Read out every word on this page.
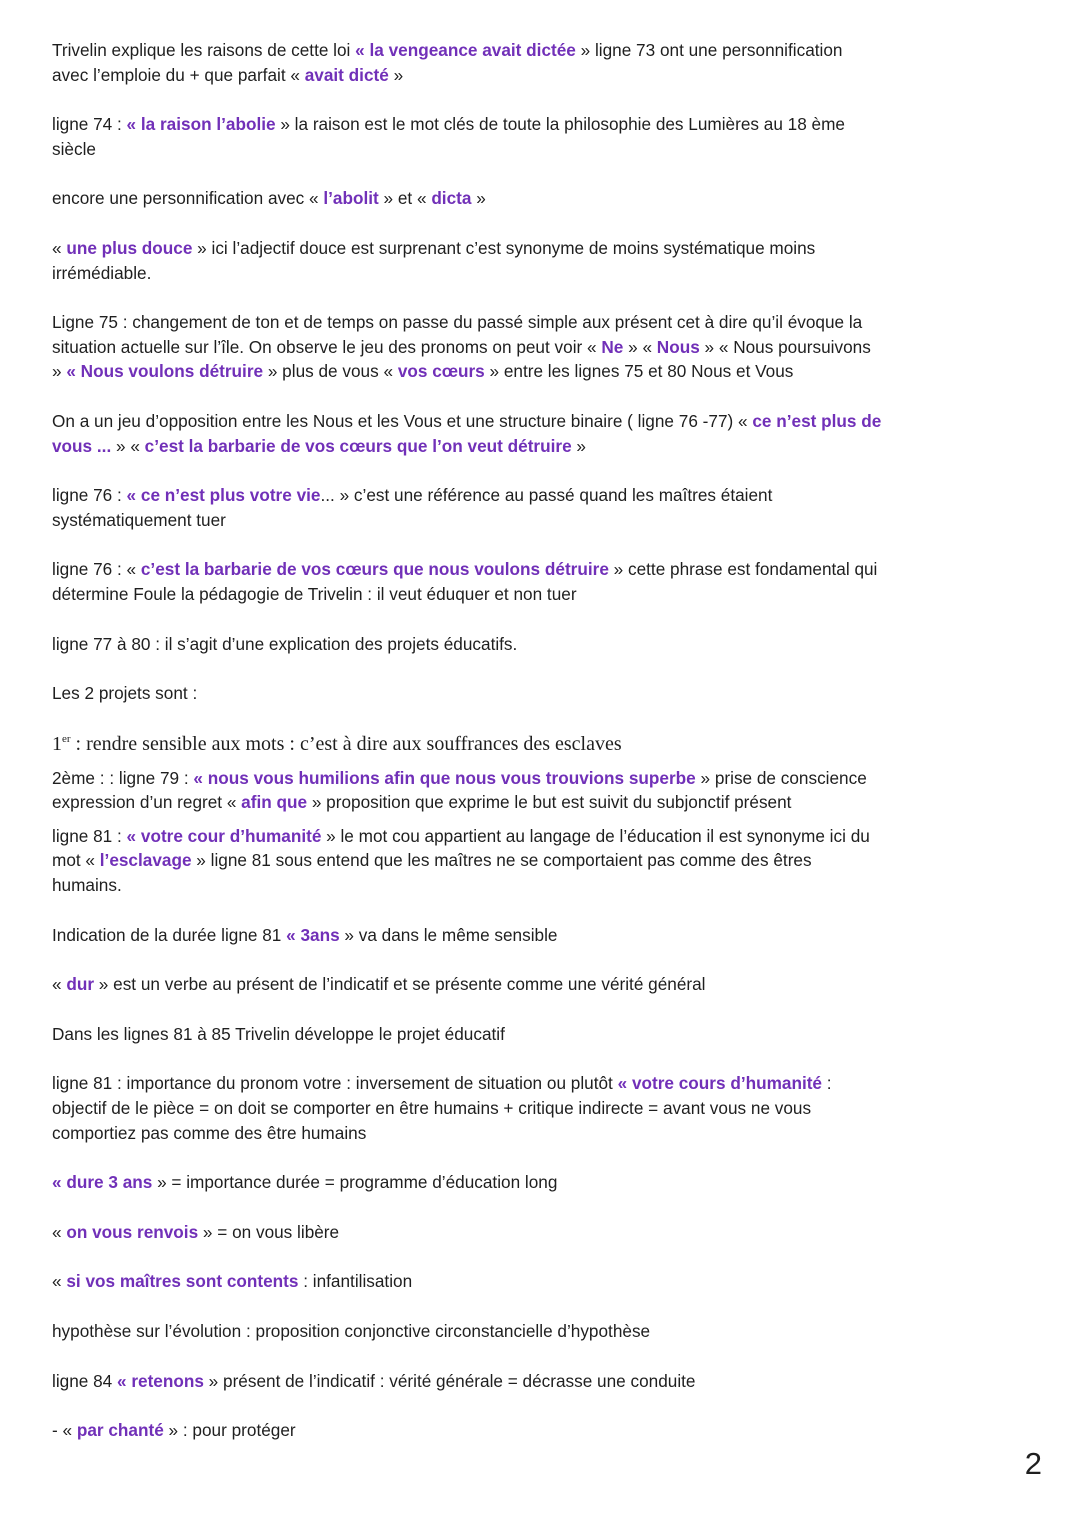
Trivelin explique les raisons de cette loi « la vengeance avait dictée » ligne 73 ont une personnification avec l’emploie du + que parfait « avait dicté »

ligne 74 : « la raison l’abolie » la raison est le mot clés de toute la philosophie des Lumières au 18 ème siècle

encore une personnification avec « l’abolit » et « dicta »

« une plus douce » ici l’adjectif douce est surprenant c’est synonyme de moins systématique moins irrémédiable.

Ligne 75 : changement de ton et de temps on passe du passé simple aux présent cet à dire qu’il évoque la situation actuelle sur l’île. On observe le jeu des pronoms on peut voir « Ne » « Nous » « Nous poursuivons » « Nous voulons détruire » plus de vous « vos cœurs » entre les lignes 75 et 80 Nous et Vous

On a un jeu d’opposition entre les Nous et les Vous et une structure binaire ( ligne 76 -77) « ce n’est plus de vous ... » « c’est la barbarie de vos cœurs que l’on veut détruire »

ligne 76 : « ce n’est plus votre vie... » c’est une référence au passé quand les maîtres étaient systématiquement tuer

ligne 76 : « c’est la barbarie de vos cœurs que nous voulons détruire » cette phrase est fondamental qui détermine Foule la pédagogie de Trivelin : il veut éduquer et non tuer

ligne 77 à 80 : il s’agit d’une explication des projets éducatifs.

Les 2 projets sont :

1er : rendre sensible aux mots : c’est à dire aux souffrances des esclaves

2ème : : ligne 79 : « nous vous humilions afin que nous vous trouvions superbe » prise de conscience expression d’un regret « afin que » proposition que exprime le but est suivit du subjonctif présent

ligne 81 : « votre cour d’humanité » le mot cou appartient au langage de l’éducation il est synonyme ici du mot « l’esclavage » ligne 81 sous entend que les maîtres ne se comportaient pas comme des êtres humains.

Indication de la durée ligne 81 « 3ans » va dans le même sensible

« dur » est un verbe au présent de l’indicatif et se présente comme une vérité général

Dans les lignes 81 à 85 Trivelin développe le projet éducatif

ligne 81 : importance du pronom votre : inversement de situation ou plutôt « votre cours d’humanité : objectif de le pièce = on doit se comporter en être humains + critique indirecte = avant vous ne vous comportiez pas comme des être humains

« dure 3 ans » = importance durée = programme d’éducation long

« on vous renvois » = on vous libère

« si vos maîtres sont contents : infantilisation

hypothèse sur l’évolution : proposition conjonctive circonstancielle d’hypothèse

ligne 84 « retenons » présent de l’indicatif : vérité générale = décrasse une conduite

- « par chanté » : pour protéger

2
